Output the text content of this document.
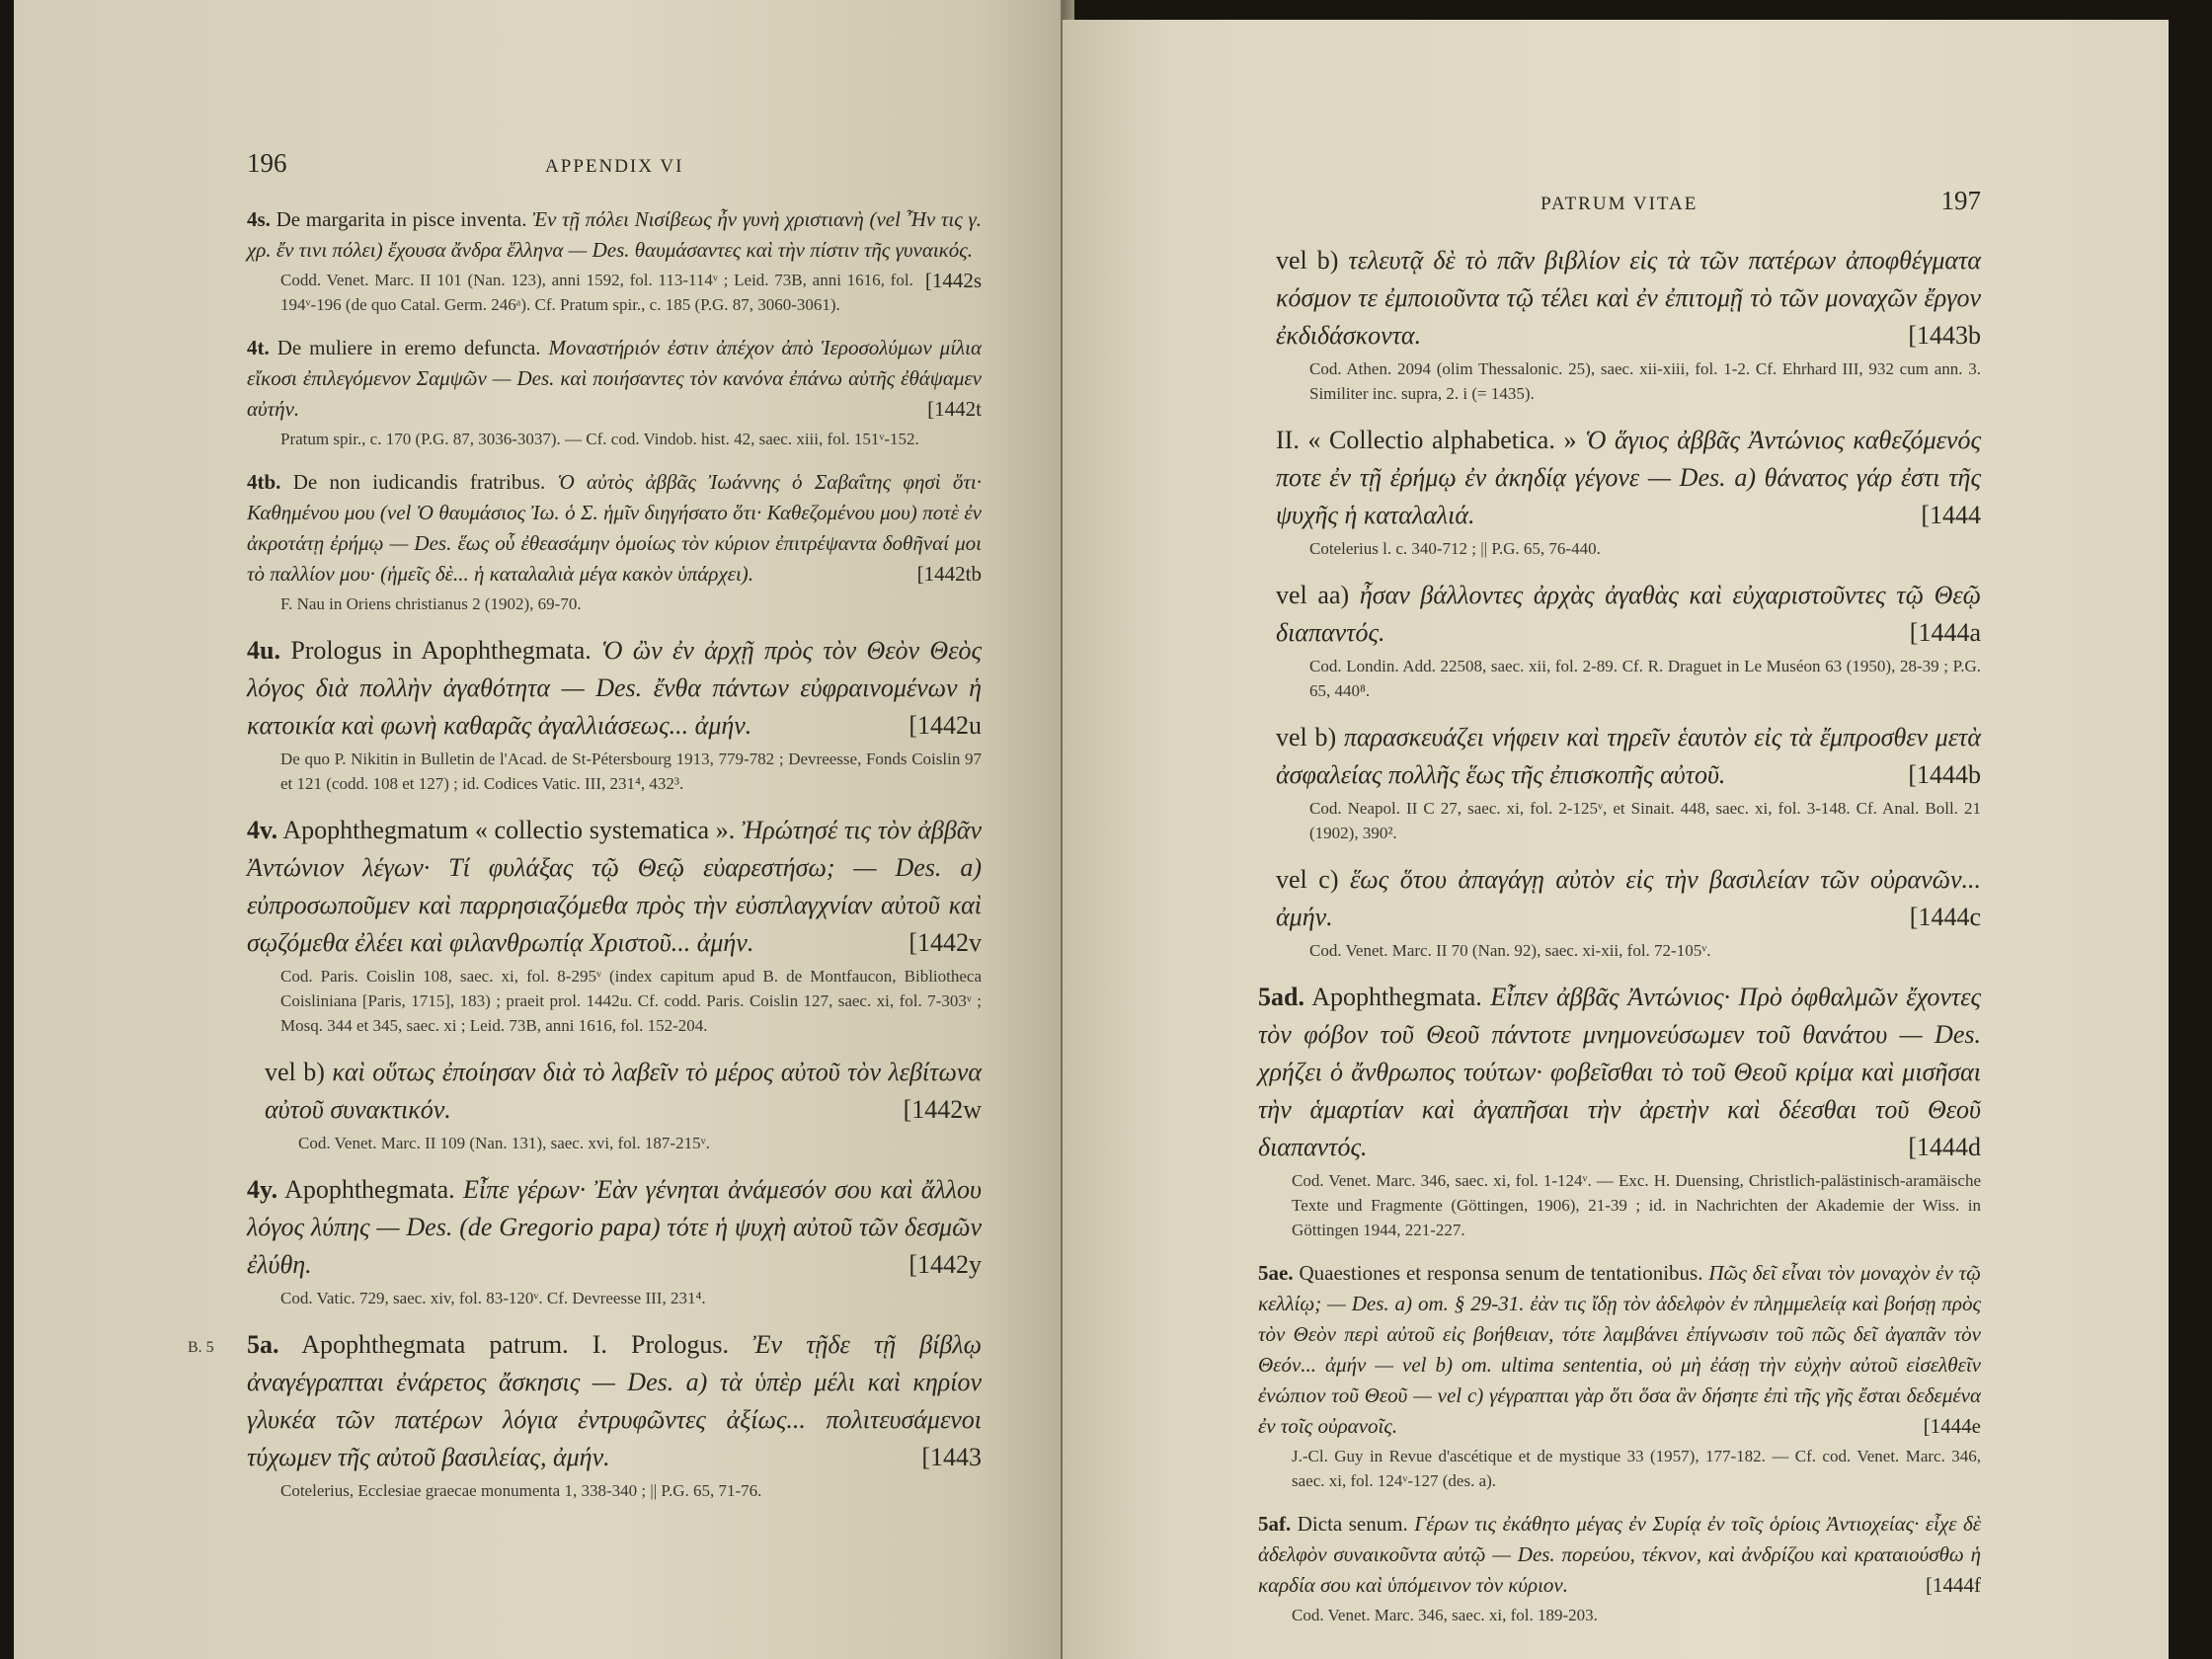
196	APPENDIX VI
4s. De margarita in pisce inventa. Ἐν τῇ πόλει Νισίβεως ἦν γυνὴ χριστιανὴ (vel Ἦν τις γ. χρ. ἔν τινι πόλει) ἔχουσα ἄνδρα ἕλληνα — Des. θαυμάσαντες καὶ τὴν πίστιν τῆς γυναικός.
[1442s
Codd. Venet. Marc. II 101 (Nan. 123), anni 1592, fol. 113-114ᵛ ; Leid. 73B, anni 1616, fol. 194ᵛ-196 (de quo Catal. Germ. 246ᵃ). Cf. Pratum spir., c. 185 (P.G. 87, 3060-3061).
4t. De muliere in eremo defuncta. Μοναστήριόν ἐστιν ἀπέχον ἀπὸ Ἱεροσολύμων μίλια εἴκοσι ἐπιλεγόμενον Σαμψῶν — Des. καὶ ποιήσαντες τὸν κανόνα ἐπάνω αὐτῆς ἐθάψαμεν αὐτήν.	[1442t
Pratum spir., c. 170 (P.G. 87, 3036-3037). — Cf. cod. Vindob. hist. 42, saec. xiii, fol. 151ᵛ-152.
4tb. De non iudicandis fratribus. Ὁ αὐτὸς ἀββᾶς Ἰωάννης ὁ Σαβαΐτης φησὶ ὅτι· Καθημένου μου (vel Ὁ θαυμάσιος Ἰω. ὁ Σ. ἡμῖν διηγήσατο ὅτι· Καθεζομένου μου) ποτὲ ἐν ἀκροτάτῃ ἐρήμῳ — Des. ἕως οὗ ἐθεασάμην ὁμοίως τὸν κύριον ἐπιτρέψαντα δοθῆναί μοι τὸ παλλίον μου· (ἡμεῖς δὲ... ἡ καταλαλιὰ μέγα κακὸν ὑπάρχει).	[1442tb
F. Nau in Oriens christianus 2 (1902), 69-70.
4u. Prologus in Apophthegmata. Ὁ ὢν ἐν ἀρχῇ πρὸς τὸν Θεὸν Θεὸς λόγος διὰ πολλὴν ἀγαθότητα — Des. ἔνθα πάντων εὐφραινομένων ἡ κατοικία καὶ φωνὴ καθαρᾶς ἀγαλλιάσεως... ἀμήν.	[1442u
De quo P. Nikitin in Bulletin de l'Acad. de St-Pétersbourg 1913, 779-782 ; Devreesse, Fonds Coislin 97 et 121 (codd. 108 et 127) ; id. Codices Vatic. III, 231⁴, 432³.
4v. Apophthegmatum « collectio systematica ». Ἠρώτησέ τις τὸν ἀββᾶν Ἀντώνιον λέγων· Τί φυλάξας τῷ Θεῷ εὐαρεστήσω; — Des. a) εὐπροσωποῦμεν καὶ παρρησιαζόμεθα πρὸς τὴν εὐσπλαγχνίαν αὐτοῦ καὶ σῳζόμεθα ἐλέει καὶ φιλανθρωπίᾳ Χριστοῦ... ἀμήν.	[1442v
Cod. Paris. Coislin 108, saec. xi, fol. 8-295ᵛ (index capitum apud B. de Montfaucon, Bibliotheca Coisliniana [Paris, 1715], 183) ; praeit prol. 1442u. Cf. codd. Paris. Coislin 127, saec. xi, fol. 7-303ᵛ ; Mosq. 344 et 345, saec. xi ; Leid. 73B, anni 1616, fol. 152-204.
vel b) καὶ οὕτως ἐποίησαν διὰ τὸ λαβεῖν τὸ μέρος αὐτοῦ τὸν λεβίτωνα αὐτοῦ συνακτικόν.	[1442w
Cod. Venet. Marc. II 109 (Nan. 131), saec. xvi, fol. 187-215ᵛ.
4y. Apophthegmata. Εἶπε γέρων· Ἐὰν γένηται ἀνάμεσόν σου καὶ ἄλλου λόγος λύπης — Des. (de Gregorio papa) τότε ἡ ψυχὴ αὐτοῦ τῶν δεσμῶν ἐλύθη.	[1442y
Cod. Vatic. 729, saec. xiv, fol. 83-120ᵛ. Cf. Devreesse III, 231⁴.
5a. Apophthegmata patrum. I. Prologus. Ἐν τῇδε τῇ βίβλῳ ἀναγέγραπται ἐνάρετος ἄσκησις — Des. a) τὰ ὑπὲρ μέλι καὶ κηρίον γλυκέα τῶν πατέρων λόγια ἐντρυφῶντες ἀξίως... πολιτευσάμενοι τύχωμεν τῆς αὐτοῦ βασιλείας, ἀμήν.	[1443
Cotelerius, Ecclesiae graecae monumenta 1, 338-340 ; || P.G. 65, 71-76.
B. 5
PATRUM VITAE	197
vel b) τελευτᾷ δὲ τὸ πᾶν βιβλίον εἰς τὰ τῶν πατέρων ἀποφθέγματα κόσμον τε ἐμποιοῦντα τῷ τέλει καὶ ἐν ἐπιτομῇ τὸ τῶν μοναχῶν ἔργον ἐκδιδάσκοντα.	[1443b
Cod. Athen. 2094 (olim Thessalonic. 25), saec. xii-xiii, fol. 1-2. Cf. Ehrhard III, 932 cum ann. 3. Similiter inc. supra, 2. i (= 1435).
II. « Collectio alphabetica. » Ὁ ἅγιος ἀββᾶς Ἀντώνιος καθεζόμενός ποτε ἐν τῇ ἐρήμῳ ἐν ἀκηδίᾳ γέγονε — Des. a) θάνατος γάρ ἐστι τῆς ψυχῆς ἡ καταλαλιά.	[1444
Cotelerius l. c. 340-712 ; || P.G. 65, 76-440.
vel aa) ἦσαν βάλλοντες ἀρχὰς ἀγαθὰς καὶ εὐχαριστοῦντες τῷ Θεῷ διαπαντός.	[1444a
Cod. Londin. Add. 22508, saec. xii, fol. 2-89. Cf. R. Draguet in Le Muséon 63 (1950), 28-39 ; P.G. 65, 440⁸.
vel b) παρασκευάζει νήφειν καὶ τηρεῖν ἑαυτὸν εἰς τὰ ἔμπροσθεν μετὰ ἀσφαλείας πολλῆς ἕως τῆς ἐπισκοπῆς αὐτοῦ.	[1444b
Cod. Neapol. II C 27, saec. xi, fol. 2-125ᵛ, et Sinait. 448, saec. xi, fol. 3-148. Cf. Anal. Boll. 21 (1902), 390².
vel c) ἕως ὅτου ἀπαγάγῃ αὐτὸν εἰς τὴν βασιλείαν τῶν οὐρανῶν... ἀμήν.	[1444c
Cod. Venet. Marc. II 70 (Nan. 92), saec. xi-xii, fol. 72-105ᵛ.
5ad. Apophthegmata. Εἶπεν ἀββᾶς Ἀντώνιος· Πρὸ ὀφθαλμῶν ἔχοντες τὸν φόβον τοῦ Θεοῦ πάντοτε μνημονεύσωμεν τοῦ θανάτου — Des. χρήζει ὁ ἄνθρωπος τούτων· φοβεῖσθαι τὸ τοῦ Θεοῦ κρίμα καὶ μισῆσαι τὴν ἁμαρτίαν καὶ ἀγαπῆσαι τὴν ἀρετὴν καὶ δέεσθαι τοῦ Θεοῦ διαπαντός.	[1444d
Cod. Venet. Marc. 346, saec. xi, fol. 1-124ᵛ. — Exc. H. Duensing, Christlich-palästinisch-aramäische Texte und Fragmente (Göttingen, 1906), 21-39 ; id. in Nachrichten der Akademie der Wiss. in Göttingen 1944, 221-227.
5ae. Quaestiones et responsa senum de tentationibus. Πῶς δεῖ εἶναι τὸν μοναχὸν ἐν τῷ κελλίῳ; — Des. a) om. § 29-31. ἐὰν τις ἴδῃ τὸν ἀδελφὸν ἐν πλημμελείᾳ καὶ βοήσῃ πρὸς τὸν Θεὸν περὶ αὐτοῦ εἰς βοήθειαν, τότε λαμβάνει ἐπίγνωσιν τοῦ πῶς δεῖ ἀγαπᾶν τὸν Θεόν... ἀμήν — vel b) om. ultima sententia, οὐ μὴ ἐάσῃ τὴν εὐχὴν αὐτοῦ εἰσελθεῖν ἐνώπιον τοῦ Θεοῦ — vel c) γέγραπται γὰρ ὅτι ὅσα ἂν δήσητε ἐπὶ τῆς γῆς ἔσται δεδεμένα ἐν τοῖς οὐρανοῖς.	[1444e
J.-Cl. Guy in Revue d'ascétique et de mystique 33 (1957), 177-182. — Cf. cod. Venet. Marc. 346, saec. xi, fol. 124ᵛ-127 (des. a).
5af. Dicta senum. Γέρων τις ἐκάθητο μέγας ἐν Συρίᾳ ἐν τοῖς ὁρίοις Ἀντιοχείας· εἶχε δὲ ἀδελφὸν συναικοῦντα αὐτῷ — Des. πορεύου, τέκνον, καὶ ἀνδρίζου καὶ κραταιούσθω ἡ καρδία σου καὶ ὑπόμεινον τὸν κύριον.	[1444f
Cod. Venet. Marc. 346, saec. xi, fol. 189-203.
